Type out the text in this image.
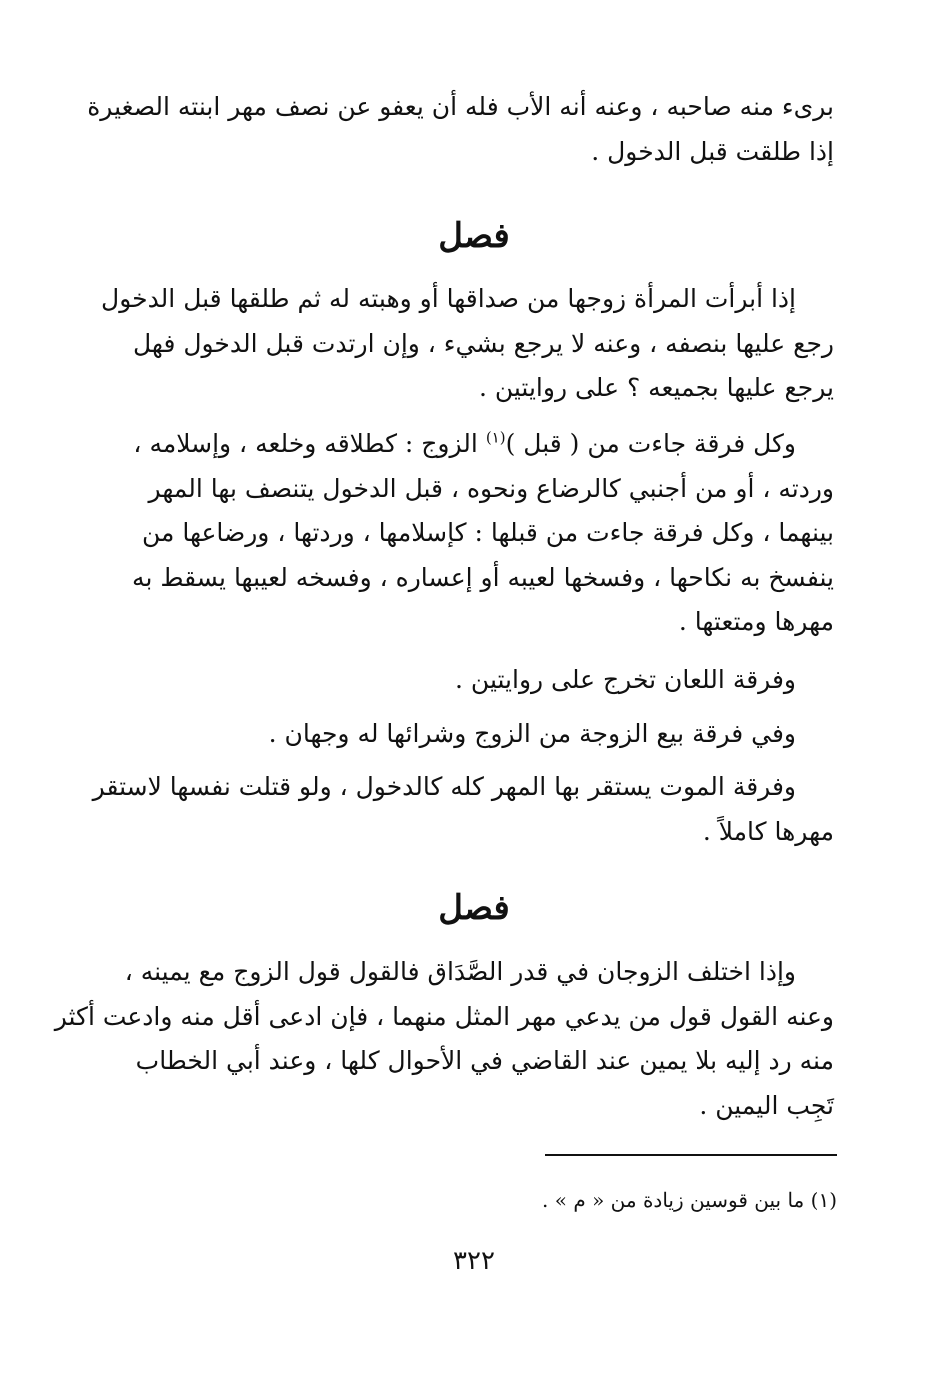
برىء منه صاحبه ، وعنه أنه الأب فله أن يعفو عن نصف مهر ابنته الصغيرة
إذا طلقت قبل الدخول .
فصل
إذا أبرأت المرأة زوجها من صداقها أو وهبته له ثم طلقها قبل الدخول
رجع عليها بنصفه ، وعنه لا يرجع بشيء ، وإن ارتدت قبل الدخول فهل
يرجع عليها بجميعه ؟ على روايتين .
وكل فرقة جاءت من ( قبل )$^{(١)}$ الزوج : كطلاقه وخلعه ، وإسلامه ،
وردته ، أو من أجنبي كالرضاع ونحوه ، قبل الدخول يتنصف بها المهر
بينهما ، وكل فرقة جاءت من قبلها : كإسلامها ، وردتها ، ورضاعها من
ينفسخ به نكاحها ، وفسخها لعيبه أو إعساره ، وفسخه لعيبها يسقط به
مهرها ومتعتها .
وفرقة اللعان تخرج على روايتين .
وفي فرقة بيع الزوجة من الزوج وشرائها له وجهان .
وفرقة الموت يستقر بها المهر كله كالدخول ، ولو قتلت نفسها لاستقر
مهرها كاملاً .
فصل
وإذا اختلف الزوجان في قدر الصَّدَاق فالقول قول الزوج مع يمينه ،
وعنه القول قول من يدعي مهر المثل منهما ، فإن ادعى أقل منه وادعت أكثر
منه رد إليه بلا يمين عند القاضي في الأحوال كلها ، وعند أبي الخطاب
تَجِب اليمين .
(١) ما بين قوسين زيادة من « م » .
٣٢٢
